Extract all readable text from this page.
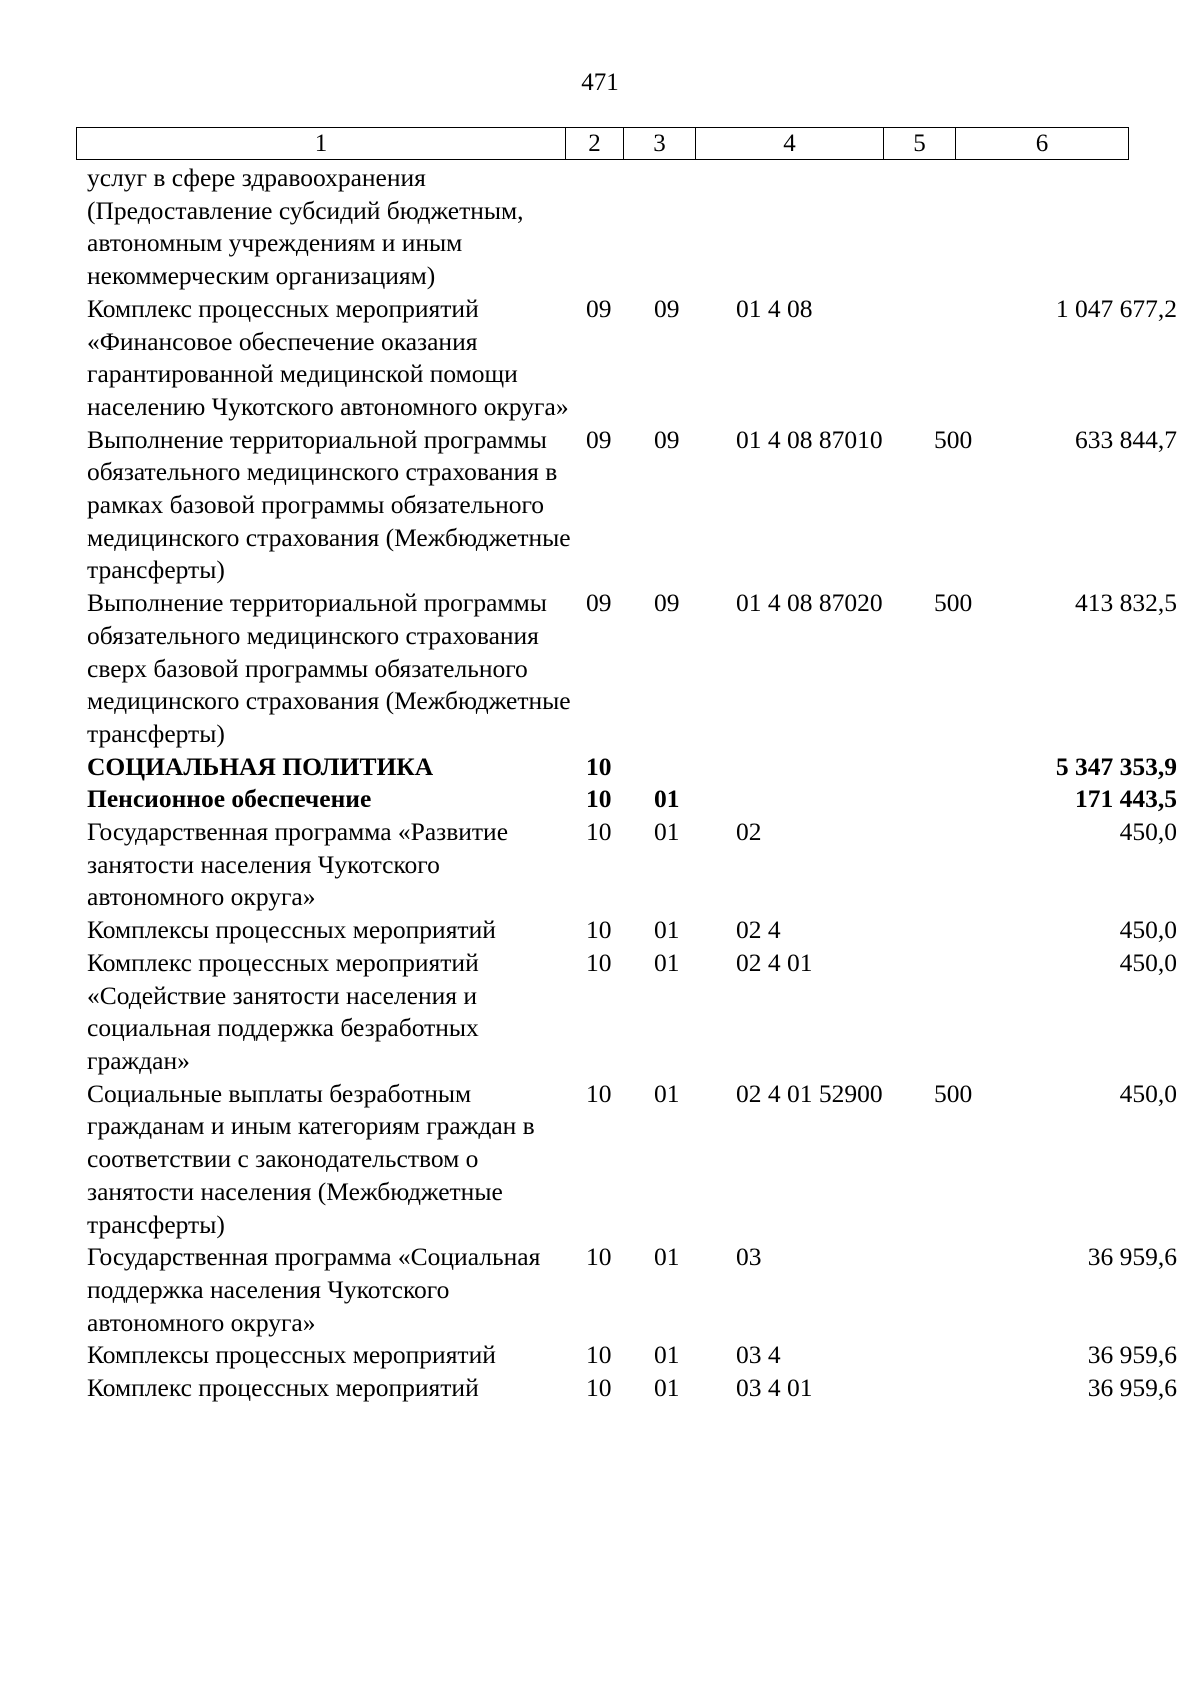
471
1	2	3	4	5	6
услуг в сфере здравоохранения (Предоставление субсидий бюджетным, автономным учреждениям и иным некоммерческим организациям)					
Комплекс процессных мероприятий «Финансовое обеспечение оказания гарантированной медицинской помощи населению Чукотского автономного округа»	09	09	01 4 08		1 047 677,2
Выполнение территориальной программы обязательного медицинского страхования в рамках базовой программы обязательного медицинского страхования (Межбюджетные трансферты)	09	09	01 4 08 87010	500	633 844,7
Выполнение территориальной программы обязательного медицинского страхования сверх базовой программы обязательного медицинского страхования (Межбюджетные трансферты)	09	09	01 4 08 87020	500	413 832,5
СОЦИАЛЬНАЯ ПОЛИТИКА	10				5 347 353,9
Пенсионное обеспечение	10	01			171 443,5
Государственная программа «Развитие занятости населения Чукотского автономного округа»	10	01	02		450,0
Комплексы процессных мероприятий	10	01	02 4		450,0
Комплекс процессных мероприятий «Содействие занятости населения и социальная поддержка безработных граждан»	10	01	02 4 01		450,0
Социальные выплаты безработным гражданам и иным категориям граждан в соответствии с законодательством о занятости населения (Межбюджетные трансферты)	10	01	02 4 01 52900	500	450,0
Государственная программа «Социальная поддержка населения Чукотского автономного округа»	10	01	03		36 959,6
Комплексы процессных мероприятий	10	01	03 4		36 959,6
Комплекс процессных мероприятий	10	01	03 4 01		36 959,6
